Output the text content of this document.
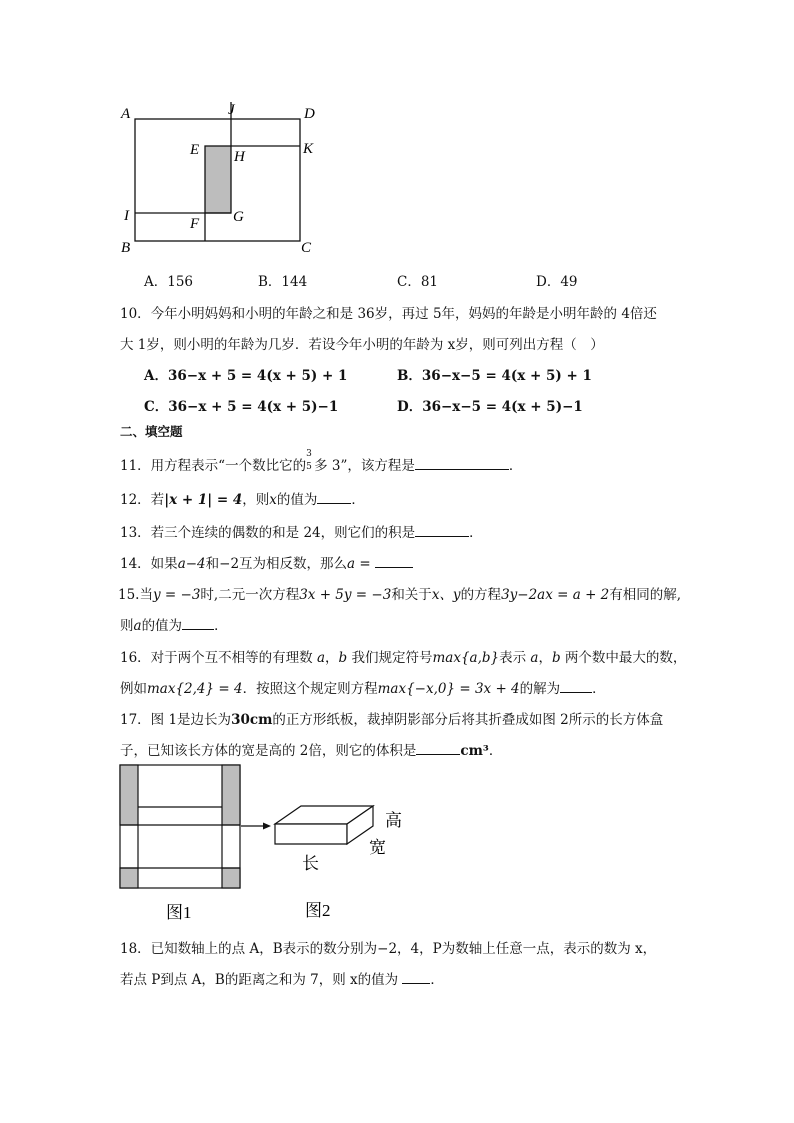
A	J	D
E H	K
I	G
F
B	C
A．156	B．144	C．81	D．49
10．今年小明妈妈和小明的年龄之和是 36岁，再过 5年，妈妈的年龄是小明年龄的 4倍还
大 1岁，则小明的年龄为几岁．若设今年小明的年龄为 x岁，则可列出方程（　）
A．36−x + 5 = 4(x + 5) + 1	B．36−x−5 = 4(x + 5) + 1
C．36−x + 5 = 4(x + 5)−1	D．36−x−5 = 4(x + 5)−1
二、填空题
11．用方程表示“一个数比它的
3
5 多 3”，该方程是	．
12．若|x + 1| = 4，则x的值为	．
13．若三个连续的偶数的和是 24，则它们的积是	．
14．如果a−4和−2互为相反数，那么a =
15.当y = −3时,二元一次方程3x + 5y = −3和关于x、y的方程3y−2ax = a + 2有相同的解,
则a的值为 ．
16．对于两个互不相等的有理数 a，b 我们规定符号max{a,b}表示 a，b 两个数中最大的数，
例如max{2,4} = 4．按照这个规定则方程max{−x,0} = 3x + 4的解为 ．
17．图 1是边长为30cm的正方形纸板，裁掉阴影部分后将其折叠成如图 2所示的长方体盒
子，已知该长方体的宽是高的 2倍，则它的体积是	cm³．
高
宽
长
图1	图2
18．已知数轴上的点 A，B表示的数分别为−2，4，P为数轴上任意一点，表示的数为 x，
若点 P到点 A，B的距离之和为 7，则 x的值为 ．
